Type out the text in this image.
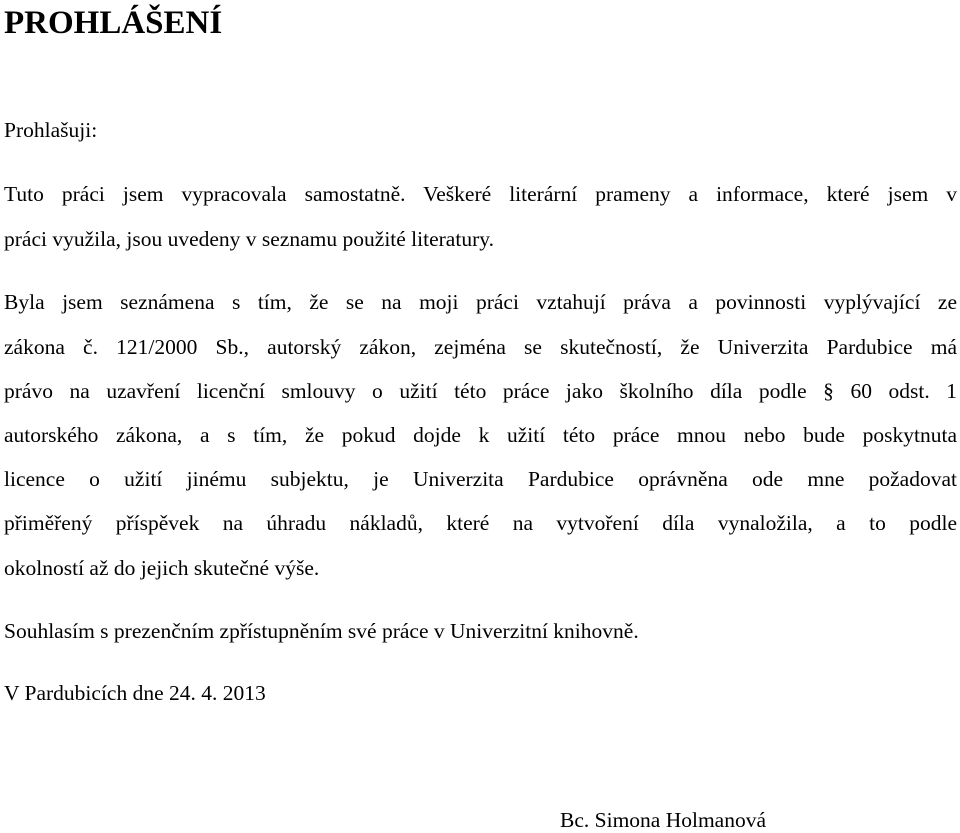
PROHLÁŠENÍ

Prohlašuji:

Tuto práci jsem vypracovala samostatně. Veškeré literární prameny a informace, které jsem v

práci využila, jsou uvedeny v seznamu použité literatury.

Byla jsem seznámena s tím, že se na moji práci vztahují práva a povinnosti vyplývající ze

zákona č. 121/2000 Sb., autorský zákon, zejména se skutečností, že Univerzita Pardubice má

právo na uzavření licenční smlouvy o užití této práce jako školního díla podle § 60 odst. 1

autorského zákona, a s tím, že pokud dojde k užití této práce mnou nebo bude poskytnuta

licence o užití jinému subjektu, je Univerzita Pardubice oprávněna ode mne požadovat

přiměřený příspěvek na úhradu nákladů, které na vytvoření díla vynaložila, a to podle

okolností až do jejich skutečné výše.

Souhlasím s prezenčním zpřístupněním své práce v Univerzitní knihovně.

V Pardubicích dne 24. 4. 2013

Bc. Simona Holmanová
